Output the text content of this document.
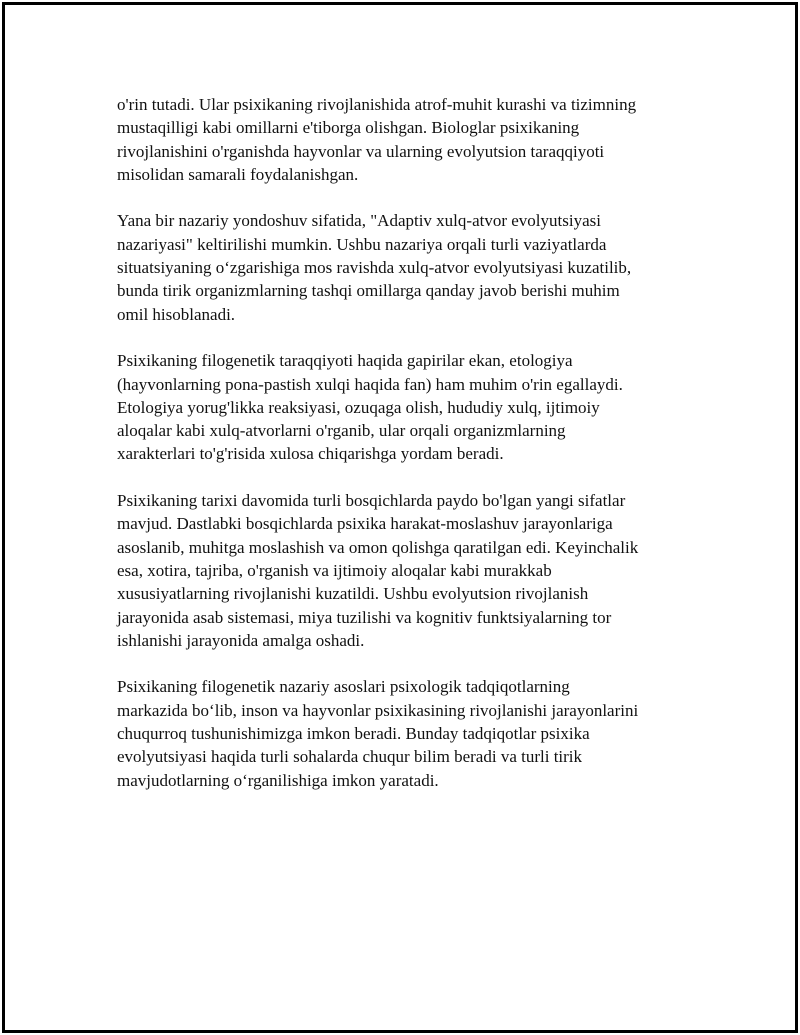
o'rin tutadi. Ular psixikaning rivojlanishida atrof-muhit kurashi va tizimning
mustaqilligi kabi omillarni e'tiborga olishgan. Biologlar psixikaning
rivojlanishini o'rganishda hayvonlar va ularning evolyutsion taraqqiyoti
misolidan samarali foydalanishgan.

Yana bir nazariy yondoshuv sifatida, "Adaptiv xulq-atvor evolyutsiyasi
nazariyasi" keltirilishi mumkin. Ushbu nazariya orqali turli vaziyatlarda
situatsiyaning o‘zgarishiga mos ravishda xulq-atvor evolyutsiyasi kuzatilib,
bunda tirik organizmlarning tashqi omillarga qanday javob berishi muhim
omil hisoblanadi.

Psixikaning filogenetik taraqqiyoti haqida gapirilar ekan, etologiya
(hayvonlarning pona-pastish xulqi haqida fan) ham muhim o'rin egallaydi.
Etologiya yorug'likka reaksiyasi, ozuqaga olish, hududiy xulq, ijtimoiy
aloqalar kabi xulq-atvorlarni o'rganib, ular orqali organizmlarning
xarakterlari to'g'risida xulosa chiqarishga yordam beradi.

Psixikaning tarixi davomida turli bosqichlarda paydo bo'lgan yangi sifatlar
mavjud. Dastlabki bosqichlarda psixika harakat-moslashuv jarayonlariga
asoslanib, muhitga moslashish va omon qolishga qaratilgan edi. Keyinchalik
esa, xotira, tajriba, o'rganish va ijtimoiy aloqalar kabi murakkab
xususiyatlarning rivojlanishi kuzatildi. Ushbu evolyutsion rivojlanish
jarayonida asab sistemasi, miya tuzilishi va kognitiv funktsiyalarning tor
ishlanishi jarayonida amalga oshadi.

Psixikaning filogenetik nazariy asoslari psixologik tadqiqotlarning
markazida bo‘lib, inson va hayvonlar psixikasining rivojlanishi jarayonlarini
chuqurroq tushunishimizga imkon beradi. Bunday tadqiqotlar psixika
evolyutsiyasi haqida turli sohalarda chuqur bilim beradi va turli tirik
mavjudotlarning o‘rganilishiga imkon yaratadi.
